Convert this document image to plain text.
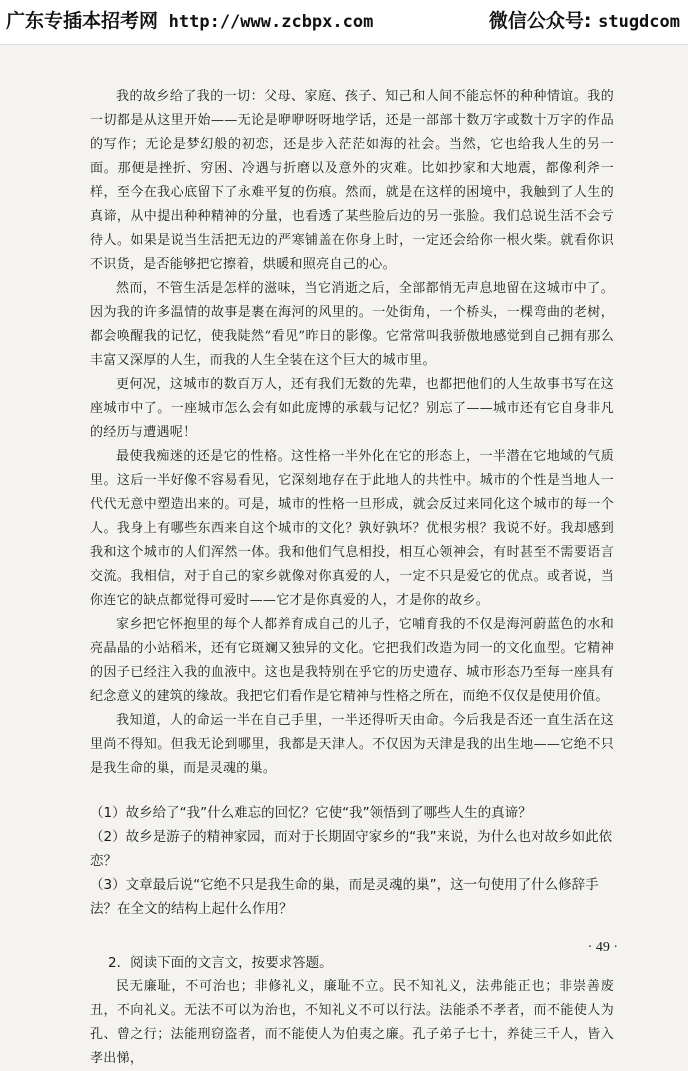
广东专插本招考网 http://www.zcbpx.com	微信公众号: stugdcom

我的故乡给了我的一切：父母、家庭、孩子、知己和人间不能忘怀的种种情谊。我的一切都是从这里开始——无论是咿咿呀呀地学话，还是一部部十数万字或数十万字的作品的写作；无论是梦幻般的初恋，还是步入茫茫如海的社会。当然，它也给我人生的另一面。那便是挫折、穷困、冷遇与折磨以及意外的灾难。比如抄家和大地震，都像利斧一样，至今在我心底留下了永难平复的伤痕。然而，就是在这样的困境中，我触到了人生的真谛，从中提出种种精神的分量，也看透了某些脸后边的另一张脸。我们总说生活不会亏待人。如果是说当生活把无边的严寒铺盖在你身上时，一定还会给你一根火柴。就看你识不识货，是否能够把它擦着，烘暖和照亮自己的心。

然而，不管生活是怎样的滋味，当它消逝之后，全部都悄无声息地留在这城市中了。因为我的许多温情的故事是裹在海河的风里的。一处街角，一个桥头，一棵弯曲的老树，都会唤醒我的记忆，使我陡然“看见”昨日的影像。它常常叫我骄傲地感觉到自己拥有那么丰富又深厚的人生，而我的人生全装在这个巨大的城市里。

更何况，这城市的数百万人，还有我们无数的先辈，也都把他们的人生故事书写在这座城市中了。一座城市怎么会有如此庞博的承载与记忆？别忘了——城市还有它自身非凡的经历与遭遇呢！

最使我痴迷的还是它的性格。这性格一半外化在它的形态上，一半潜在它地域的气质里。这后一半好像不容易看见，它深刻地存在于此地人的共性中。城市的个性是当地人一代代无意中塑造出来的。可是，城市的性格一旦形成，就会反过来同化这个城市的每一个人。我身上有哪些东西来自这个城市的文化？孰好孰坏？优根劣根？我说不好。我却感到我和这个城市的人们浑然一体。我和他们气息相投，相互心领神会，有时甚至不需要语言交流。我相信，对于自己的家乡就像对你真爱的人，一定不只是爱它的优点。或者说，当你连它的缺点都觉得可爱时——它才是你真爱的人，才是你的故乡。

家乡把它怀抱里的每个人都养育成自己的儿子，它哺育我的不仅是海河蔚蓝色的水和亮晶晶的小站稻米，还有它斑斓又独异的文化。它把我们改造为同一的文化血型。它精神的因子已经注入我的血液中。这也是我特别在乎它的历史遗存、城市形态乃至每一座具有纪念意义的建筑的缘故。我把它们看作是它精神与性格之所在，而绝不仅仅是使用价值。

我知道，人的命运一半在自己手里，一半还得听天由命。今后我是否还一直生活在这里尚不得知。但我无论到哪里，我都是天津人。不仅因为天津是我的出生地——它绝不只是我生命的巢，而是灵魂的巢。

（1）故乡给了“我”什么难忘的回忆？它使“我”领悟到了哪些人生的真谛？

（2）故乡是游子的精神家园，而对于长期固守家乡的“我”来说，为什么也对故乡如此依恋？

（3）文章最后说“它绝不只是我生命的巢，而是灵魂的巢”，这一句使用了什么修辞手法？在全文的结构上起什么作用？

2．阅读下面的文言文，按要求答题。

民无廉耻，不可治也；非修礼义，廉耻不立。民不知礼义，法弗能正也；非崇善废丑，不向礼义。无法不可以为治也，不知礼义不可以行法。法能杀不孝者，而不能使人为孔、曾之行；法能刑窃盗者，而不能使人为伯夷之廉。孔子弟子七十，养徒三千人，皆入孝出悌，

· 49 ·
